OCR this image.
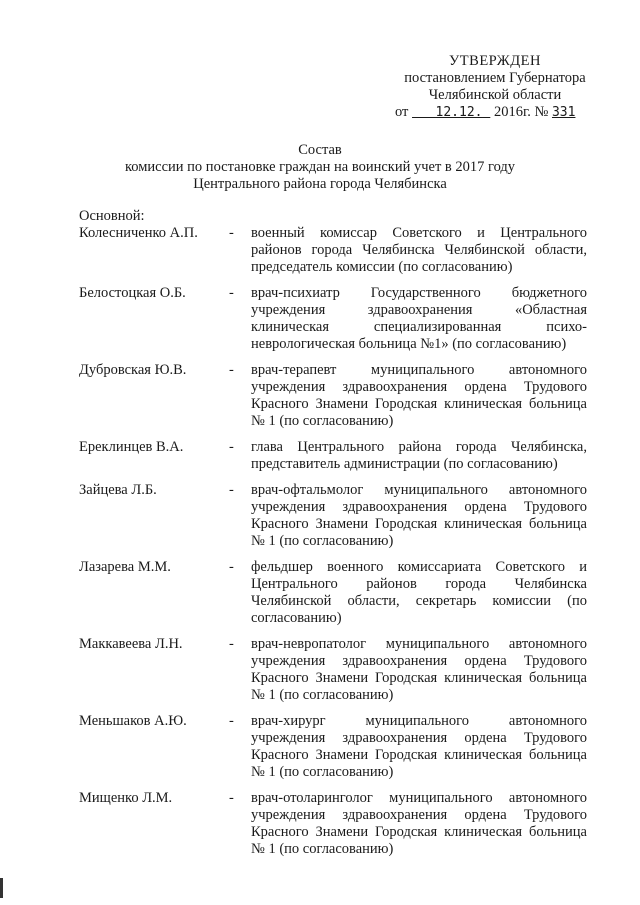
УТВЕРЖДЕН
постановлением Губернатора
Челябинской области
от 12.12. 2016г. № 331
Состав
комиссии по постановке граждан на воинский учет в 2017 году
Центрального района города Челябинска
Основной:
Колесниченко А.П.	-	военный комиссар Советского и Центрального районов города Челябинска Челябинской области, председатель комиссии (по согласованию)
Белостоцкая О.Б.	-	врач-психиатр Государственного бюджетного учреждения здравоохранения «Областная клиническая специализированная психо-неврологическая больница №1» (по согласованию)
Дубровская Ю.В.	-	врач-терапевт муниципального автономного учреждения здравоохранения ордена Трудового Красного Знамени Городская клиническая больница № 1 (по согласованию)
Ереклинцев В.А.	-	глава Центрального района города Челябинска, представитель администрации (по согласованию)
Зайцева Л.Б.	-	врач-офтальмолог муниципального автономного учреждения здравоохранения ордена Трудового Красного Знамени Городская клиническая больница № 1 (по согласованию)
Лазарева М.М.	-	фельдшер военного комиссариата Советского и Центрального районов города Челябинска Челябинской области, секретарь комиссии (по согласованию)
Маккавеева Л.Н.	-	врач-невропатолог муниципального автономного учреждения здравоохранения ордена Трудового Красного Знамени Городская клиническая больница № 1 (по согласованию)
Меньшаков А.Ю.	-	врач-хирург муниципального автономного учреждения здравоохранения ордена Трудового Красного Знамени Городская клиническая больница № 1 (по согласованию)
Мищенко Л.М.	-	врач-отоларинголог муниципального автономного учреждения здравоохранения ордена Трудового Красного Знамени Городская клиническая больница № 1 (по согласованию)
